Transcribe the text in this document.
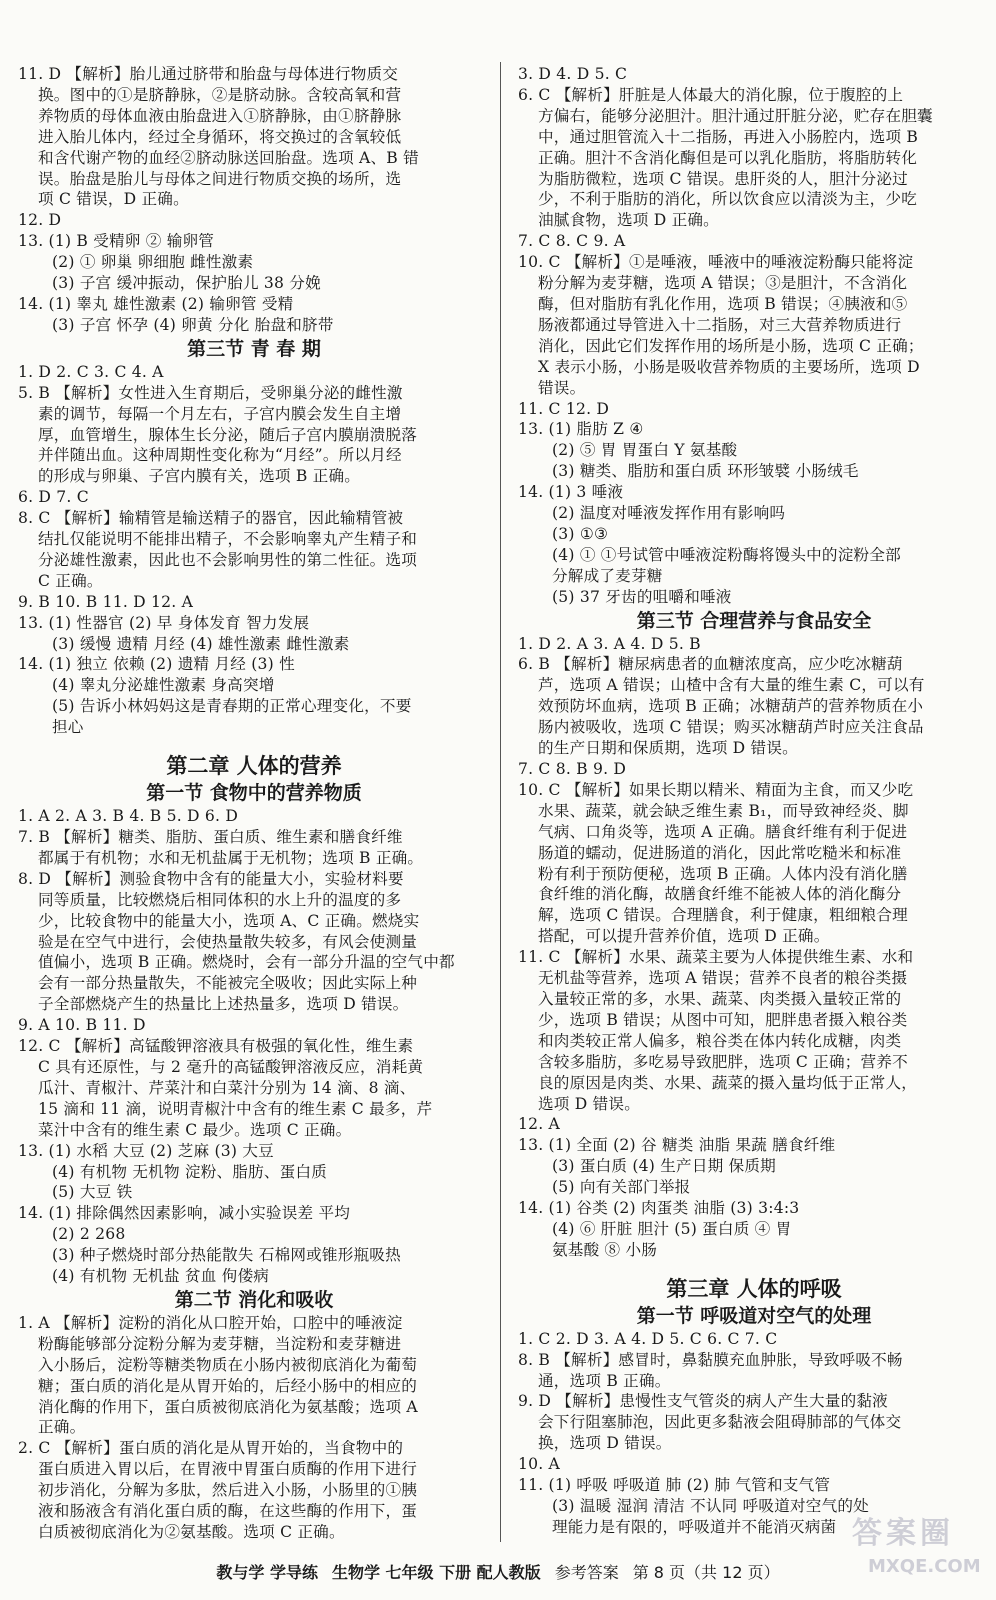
11. D 【解析】胎儿通过脐带和胎盘与母体进行物质交
换。图中的①是脐静脉，②是脐动脉。含较高氧和营
养物质的母体血液由胎盘进入①脐静脉，由①脐静脉
进入胎儿体内，经过全身循环，将交换过的含氧较低
和含代谢产物的血经②脐动脉送回胎盘。选项 A、B 错
误。胎盘是胎儿与母体之间进行物质交换的场所，选
项 C 错误，D 正确。
12. D
13. (1) B 受精卵 ② 输卵管
(2) ① 卵巢 卵细胞 雌性激素
(3) 子宫 缓冲振动，保护胎儿 38 分娩
14. (1) 睾丸 雄性激素 (2) 输卵管 受精
(3) 子宫 怀孕 (4) 卵黄 分化 胎盘和脐带
第三节 青 春 期
1. D 2. C 3. C 4. A
5. B 【解析】女性进入生育期后，受卵巢分泌的雌性激
素的调节，每隔一个月左右，子宫内膜会发生自主增
厚，血管增生，腺体生长分泌，随后子宫内膜崩溃脱落
并伴随出血。这种周期性变化称为“月经”。所以月经
的形成与卵巢、子宫内膜有关，选项 B 正确。
6. D 7. C
8. C 【解析】输精管是输送精子的器官，因此输精管被
结扎仅能说明不能排出精子，不会影响睾丸产生精子和
分泌雄性激素，因此也不会影响男性的第二性征。选项
C 正确。
9. B 10. B 11. D 12. A
13. (1) 性器官 (2) 早 身体发育 智力发展
(3) 缓慢 遗精 月经 (4) 雄性激素 雌性激素
14. (1) 独立 依赖 (2) 遗精 月经 (3) 性
(4) 睾丸分泌雄性激素 身高突增
(5) 告诉小林妈妈这是青春期的正常心理变化，不要
担心
第二章 人体的营养
第一节 食物中的营养物质
1. A 2. A 3. B 4. B 5. D 6. D
7. B 【解析】糖类、脂肪、蛋白质、维生素和膳食纤维
都属于有机物；水和无机盐属于无机物；选项 B 正确。
8. D 【解析】测验食物中含有的能量大小，实验材料要
同等质量，比较燃烧后相同体积的水上升的温度的多
少，比较食物中的能量大小，选项 A、C 正确。燃烧实
验是在空气中进行，会使热量散失较多，有风会使测量
值偏小，选项 B 正确。燃烧时，会有一部分升温的空气中都
会有一部分热量散失，不能被完全吸收；因此实际上种
子全部燃烧产生的热量比上述热量多，选项 D 错误。
9. A 10. B 11. D
12. C 【解析】高锰酸钾溶液具有极强的氧化性，维生素
C 具有还原性，与 2 毫升的高锰酸钾溶液反应，消耗黄
瓜汁、青椒汁、芹菜汁和白菜汁分别为 14 滴、8 滴、
15 滴和 11 滴，说明青椒汁中含有的维生素 C 最多，芹
菜汁中含有的维生素 C 最少。选项 C 正确。
13. (1) 水稻 大豆 (2) 芝麻 (3) 大豆
(4) 有机物 无机物 淀粉、脂肪、蛋白质
(5) 大豆 铁
14. (1) 排除偶然因素影响，减小实验误差 平均
(2) 2 268
(3) 种子燃烧时部分热能散失 石棉网或锥形瓶吸热
(4) 有机物 无机盐 贫血 佝偻病
第二节 消化和吸收
1. A 【解析】淀粉的消化从口腔开始，口腔中的唾液淀
粉酶能够部分淀粉分解为麦芽糖，当淀粉和麦芽糖进
入小肠后，淀粉等糖类物质在小肠内被彻底消化为葡萄
糖；蛋白质的消化是从胃开始的，后经小肠中的相应的
消化酶的作用下，蛋白质被彻底消化为氨基酸；选项 A
正确。
2. C 【解析】蛋白质的消化是从胃开始的，当食物中的
蛋白质进入胃以后，在胃液中胃蛋白质酶的作用下进行
初步消化，分解为多肽，然后进入小肠，小肠里的①胰
液和肠液含有消化蛋白质的酶，在这些酶的作用下，蛋
白质被彻底消化为②氨基酸。选项 C 正确。
3. D 4. D 5. C
6. C 【解析】肝脏是人体最大的消化腺，位于腹腔的上
方偏右，能够分泌胆汁。胆汁通过肝脏分泌，贮存在胆囊
中，通过胆管流入十二指肠，再进入小肠腔内，选项 B
正确。胆汁不含消化酶但是可以乳化脂肪，将脂肪转化
为脂肪微粒，选项 C 错误。患肝炎的人，胆汁分泌过
少，不利于脂肪的消化，所以饮食应以清淡为主，少吃
油腻食物，选项 D 正确。
7. C 8. C 9. A
10. C 【解析】①是唾液，唾液中的唾液淀粉酶只能将淀
粉分解为麦芽糖，选项 A 错误；③是胆汁，不含消化
酶，但对脂肪有乳化作用，选项 B 错误；④胰液和⑤
肠液都通过导管进入十二指肠，对三大营养物质进行
消化，因此它们发挥作用的场所是小肠，选项 C 正确；
X 表示小肠，小肠是吸收营养物质的主要场所，选项 D
错误。
11. C 12. D
13. (1) 脂肪 Z ④
(2) ⑤ 胃 胃蛋白 Y 氨基酸
(3) 糖类、脂肪和蛋白质 环形皱襞 小肠绒毛
14. (1) 3 唾液
(2) 温度对唾液发挥作用有影响吗
(3) ①③
(4) ① ①号试管中唾液淀粉酶将馒头中的淀粉全部
分解成了麦芽糖
(5) 37 牙齿的咀嚼和唾液
第三节 合理营养与食品安全
1. D 2. A 3. A 4. D 5. B
6. B 【解析】糖尿病患者的血糖浓度高，应少吃冰糖葫
芦，选项 A 错误；山楂中含有大量的维生素 C，可以有
效预防坏血病，选项 B 正确；冰糖葫芦的营养物质在小
肠内被吸收，选项 C 错误；购买冰糖葫芦时应关注食品
的生产日期和保质期，选项 D 错误。
7. C 8. B 9. D
10. C 【解析】如果长期以精米、精面为主食，而又少吃
水果、蔬菜，就会缺乏维生素 B₁，而导致神经炎、脚
气病、口角炎等，选项 A 正确。膳食纤维有利于促进
肠道的蠕动，促进肠道的消化，因此常吃糙米和标准
粉有利于预防便秘，选项 B 正确。人体内没有消化膳
食纤维的消化酶，故膳食纤维不能被人体的消化酶分
解，选项 C 错误。合理膳食，利于健康，粗细粮合理
搭配，可以提升营养价值，选项 D 正确。
11. C 【解析】水果、蔬菜主要为人体提供维生素、水和
无机盐等营养，选项 A 错误；营养不良者的粮谷类摄
入量较正常的多，水果、蔬菜、肉类摄入量较正常的
少，选项 B 错误；从图中可知，肥胖患者摄入粮谷类
和肉类较正常人偏多，粮谷类在体内转化成糖，肉类
含较多脂肪，多吃易导致肥胖，选项 C 正确；营养不
良的原因是肉类、水果、蔬菜的摄入量均低于正常人，
选项 D 错误。
12. A
13. (1) 全面 (2) 谷 糖类 油脂 果蔬 膳食纤维
(3) 蛋白质 (4) 生产日期 保质期
(5) 向有关部门举报
14. (1) 谷类 (2) 肉蛋类 油脂 (3) 3:4:3
(4) ⑥ 肝脏 胆汁 (5) 蛋白质 ④ 胃
氨基酸 ⑧ 小肠
第三章 人体的呼吸
第一节 呼吸道对空气的处理
1. C 2. D 3. A 4. D 5. C 6. C 7. C
8. B 【解析】感冒时，鼻黏膜充血肿胀，导致呼吸不畅
通，选项 B 正确。
9. D 【解析】患慢性支气管炎的病人产生大量的黏液
会下行阻塞肺泡，因此更多黏液会阻碍肺部的气体交
换，选项 D 错误。
10. A
11. (1) 呼吸 呼吸道 肺 (2) 肺 气管和支气管
(3) 温暖 湿润 清洁 不认同 呼吸道对空气的处
理能力是有限的，呼吸道并不能消灭病菌 答案圈
MXQE.COM
教与学 学导练 生物学 七年级 下册 配人教版 参考答案 第 8 页（共 12 页）
